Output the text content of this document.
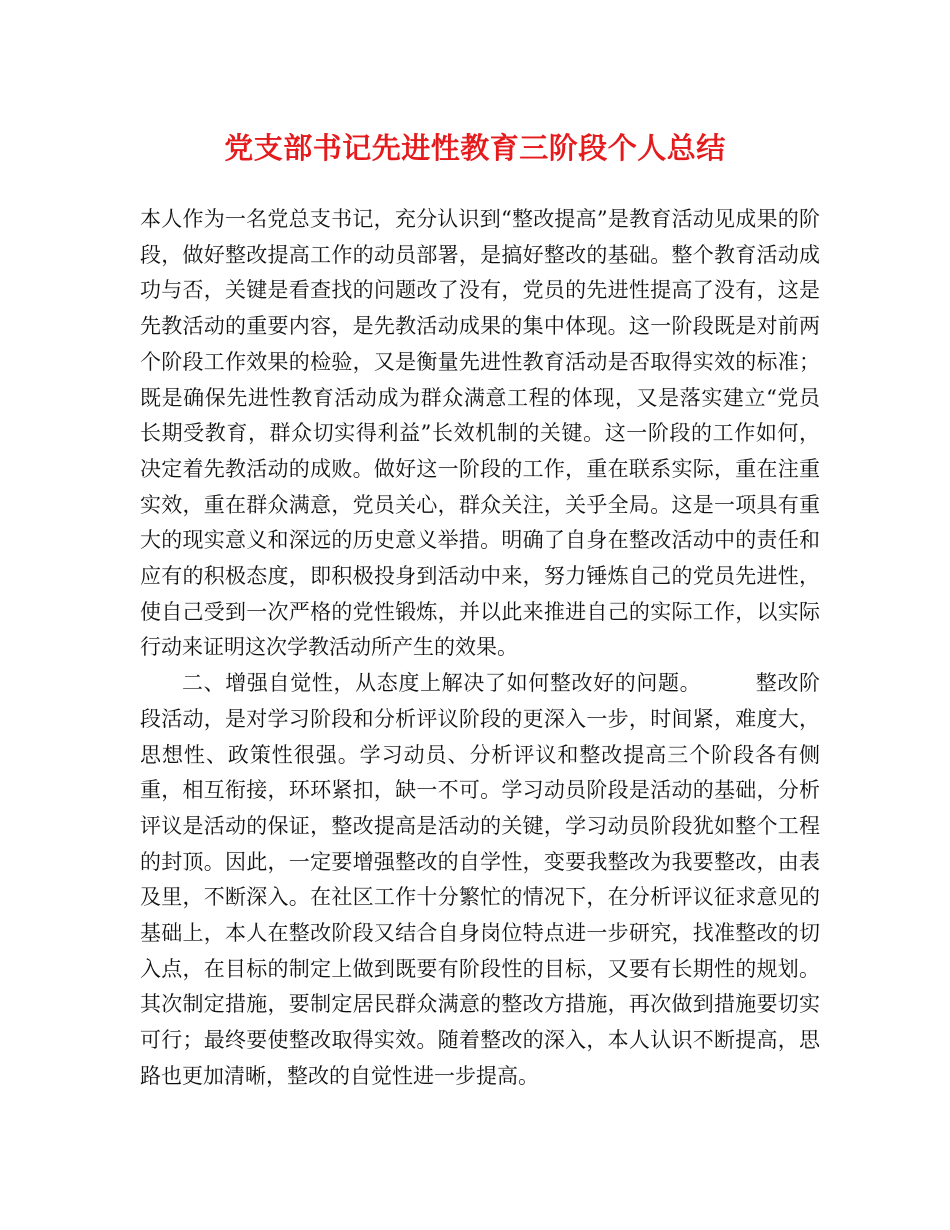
党支部书记先进性教育三阶段个人总结

本人作为一名党总支书记，充分认识到“整改提高”是教育活动见成果的阶段，做好整改提高工作的动员部署，是搞好整改的基础。整个教育活动成功与否，关键是看查找的问题改了没有，党员的先进性提高了没有，这是先教活动的重要内容，是先教活动成果的集中体现。这一阶段既是对前两个阶段工作效果的检验，又是衡量先进性教育活动是否取得实效的标准；既是确保先进性教育活动成为群众满意工程的体现，又是落实建立“党员长期受教育，群众切实得利益”长效机制的关键。这一阶段的工作如何，决定着先教活动的成败。做好这一阶段的工作，重在联系实际，重在注重实效，重在群众满意，党员关心，群众关注，关乎全局。这是一项具有重大的现实意义和深远的历史意义举措。明确了自身在整改活动中的责任和应有的积极态度，即积极投身到活动中来，努力锤炼自己的党员先进性，使自己受到一次严格的党性锻炼，并以此来推进自己的实际工作，以实际行动来证明这次学教活动所产生的效果。

二、增强自觉性，从态度上解决了如何整改好的问题。　　　整改阶段活动，是对学习阶段和分析评议阶段的更深入一步，时间紧，难度大，思想性、政策性很强。学习动员、分析评议和整改提高三个阶段各有侧重，相互衔接，环环紧扣，缺一不可。学习动员阶段是活动的基础，分析评议是活动的保证，整改提高是活动的关键，学习动员阶段犹如整个工程的封顶。因此，一定要增强整改的自学性，变要我整改为我要整改，由表及里，不断深入。在社区工作十分繁忙的情况下，在分析评议征求意见的基础上，本人在整改阶段又结合自身岗位特点进一步研究，找准整改的切入点，在目标的制定上做到既要有阶段性的目标，又要有长期性的规划。其次制定措施，要制定居民群众满意的整改方措施，再次做到措施要切实可行；最终要使整改取得实效。随着整改的深入，本人认识不断提高，思路也更加清晰，整改的自觉性进一步提高。
